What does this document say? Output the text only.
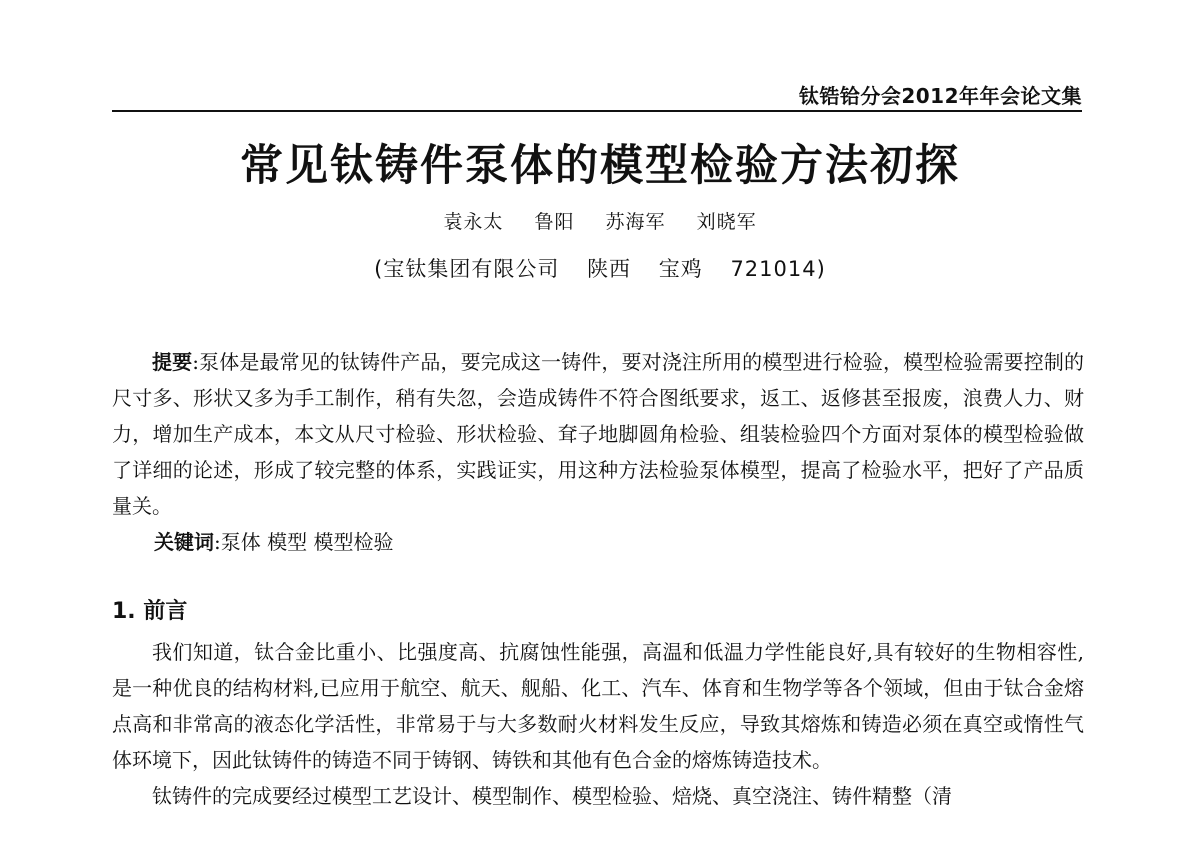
钛锆铪分会2012年年会论文集
常见钛铸件泵体的模型检验方法初探
袁永太 鲁阳 苏海军 刘晓军
(宝钛集团有限公司 陕西 宝鸡 721014)

提要:泵体是最常见的钛铸件产品，要完成这一铸件，要对浇注所用的模型进行检验，模型检验需要控制的尺寸多、形状又多为手工制作，稍有失忽，会造成铸件不符合图纸要求，返工、返修甚至报废，浪费人力、财力，增加生产成本，本文从尺寸检验、形状检验、耷子地脚圆角检验、组装检验四个方面对泵体的模型检验做了详细的论述，形成了较完整的体系，实践证实，用这种方法检验泵体模型，提高了检验水平，把好了产品质量关。

关键词:泵体 模型 模型检验
1. 前言

我们知道，钛合金比重小、比强度高、抗腐蚀性能强，高温和低温力学性能良好,具有较好的生物相容性,是一种优良的结构材料,已应用于航空、航天、舰船、化工、汽车、体育和生物学等各个领域，但由于钛合金熔点高和非常高的液态化学活性，非常易于与大多数耐火材料发生反应，导致其熔炼和铸造必须在真空或惰性气体环境下，因此钛铸件的铸造不同于铸钢、铸铁和其他有色合金的熔炼铸造技术。

钛铸件的完成要经过模型工艺设计、模型制作、模型检验、焙烧、真空浇注、铸件精整（清
